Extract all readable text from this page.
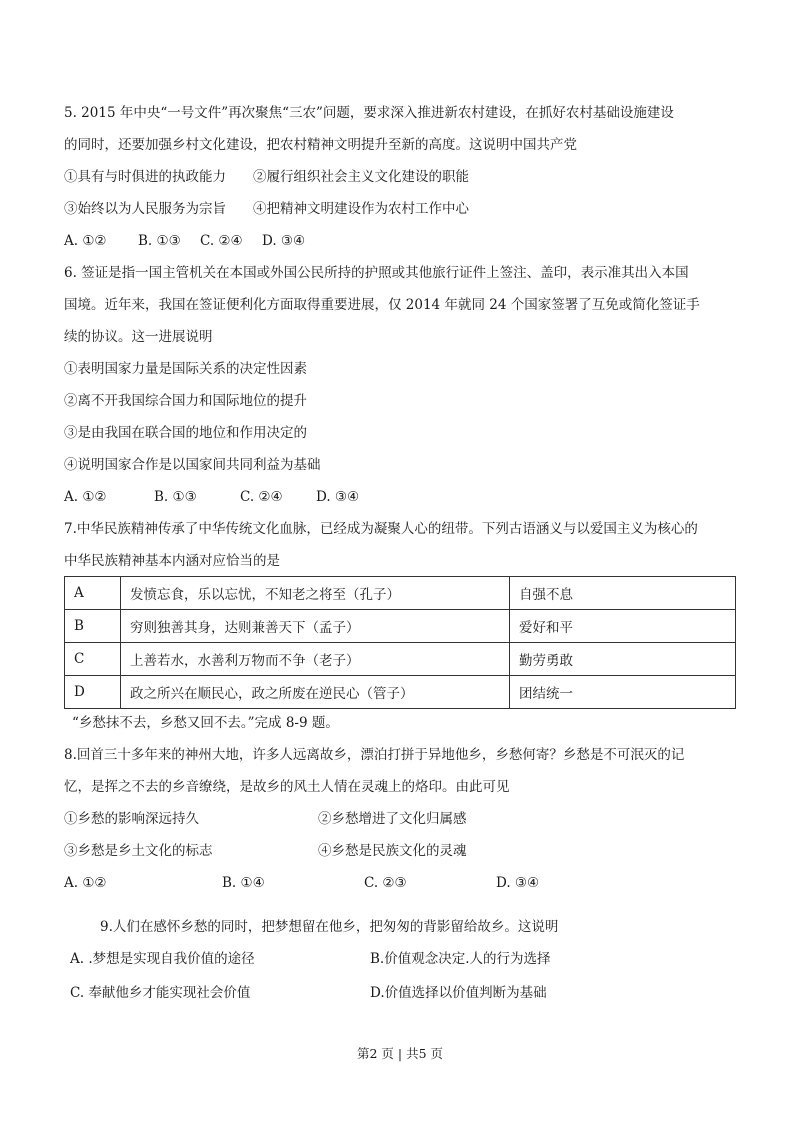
5. 2015 年中央“一号文件”再次聚焦“三农”问题，要求深入推进新农村建设，在抓好农村基础设施建设
的同时，还要加强乡村文化建设，把农村精神文明提升至新的高度。这说明中国共产党
①具有与时俱进的执政能力　　②履行组织社会主义文化建设的职能
③始终以为人民服务为宗旨　　④把精神文明建设作为农村工作中心
A. ①② B. ①③ C. ②④ D. ③④
6. 签证是指一国主管机关在本国或外国公民所持的护照或其他旅行证件上签注、盖印，表示准其出入本国
国境。近年来，我国在签证便利化方面取得重要进展，仅 2014 年就同 24 个国家签署了互免或简化签证手
续的协议。这一进展说明
①表明国家力量是国际关系的决定性因素
②离不开我国综合国力和国际地位的提升
③是由我国在联合国的地位和作用决定的
④说明国家合作是以国家间共同利益为基础
A. ①②	B. ①③	C. ②④ D. ③④
7.中华民族精神传承了中华传统文化血脉，已经成为凝聚人心的纽带。下列古语涵义与以爱国主义为核心的
中华民族精神基本内涵对应恰当的是
A	发愤忘食，乐以忘忧，不知老之将至（孔子）	自强不息
B	穷则独善其身，达则兼善天下（孟子）	爱好和平
C	上善若水，水善利万物而不争（老子）	勤劳勇敢
D	政之所兴在顺民心，政之所废在逆民心（管子）	团结统一
“乡愁抹不去，乡愁又回不去。”完成 8-9 题。
8.回首三十多年来的神州大地，许多人远离故乡，漂泊打拼于异地他乡，乡愁何寄？乡愁是不可泯灭的记
忆，是挥之不去的乡音缭绕，是故乡的风土人情在灵魂上的烙印。由此可见
①乡愁的影响深远持久	②乡愁增进了文化归属感
③乡愁是乡土文化的标志	④乡愁是民族文化的灵魂
A. ①②	B. ①④	C. ②③	D. ③④
9.人们在感怀乡愁的同时，把梦想留在他乡，把匆匆的背影留给故乡。这说明
A. .梦想是实现自我价值的途径	B.价值观念决定.人的行为选择
C. 奉献他乡才能实现社会价值	D.价值选择以价值判断为基础
第2 页 | 共5 页
